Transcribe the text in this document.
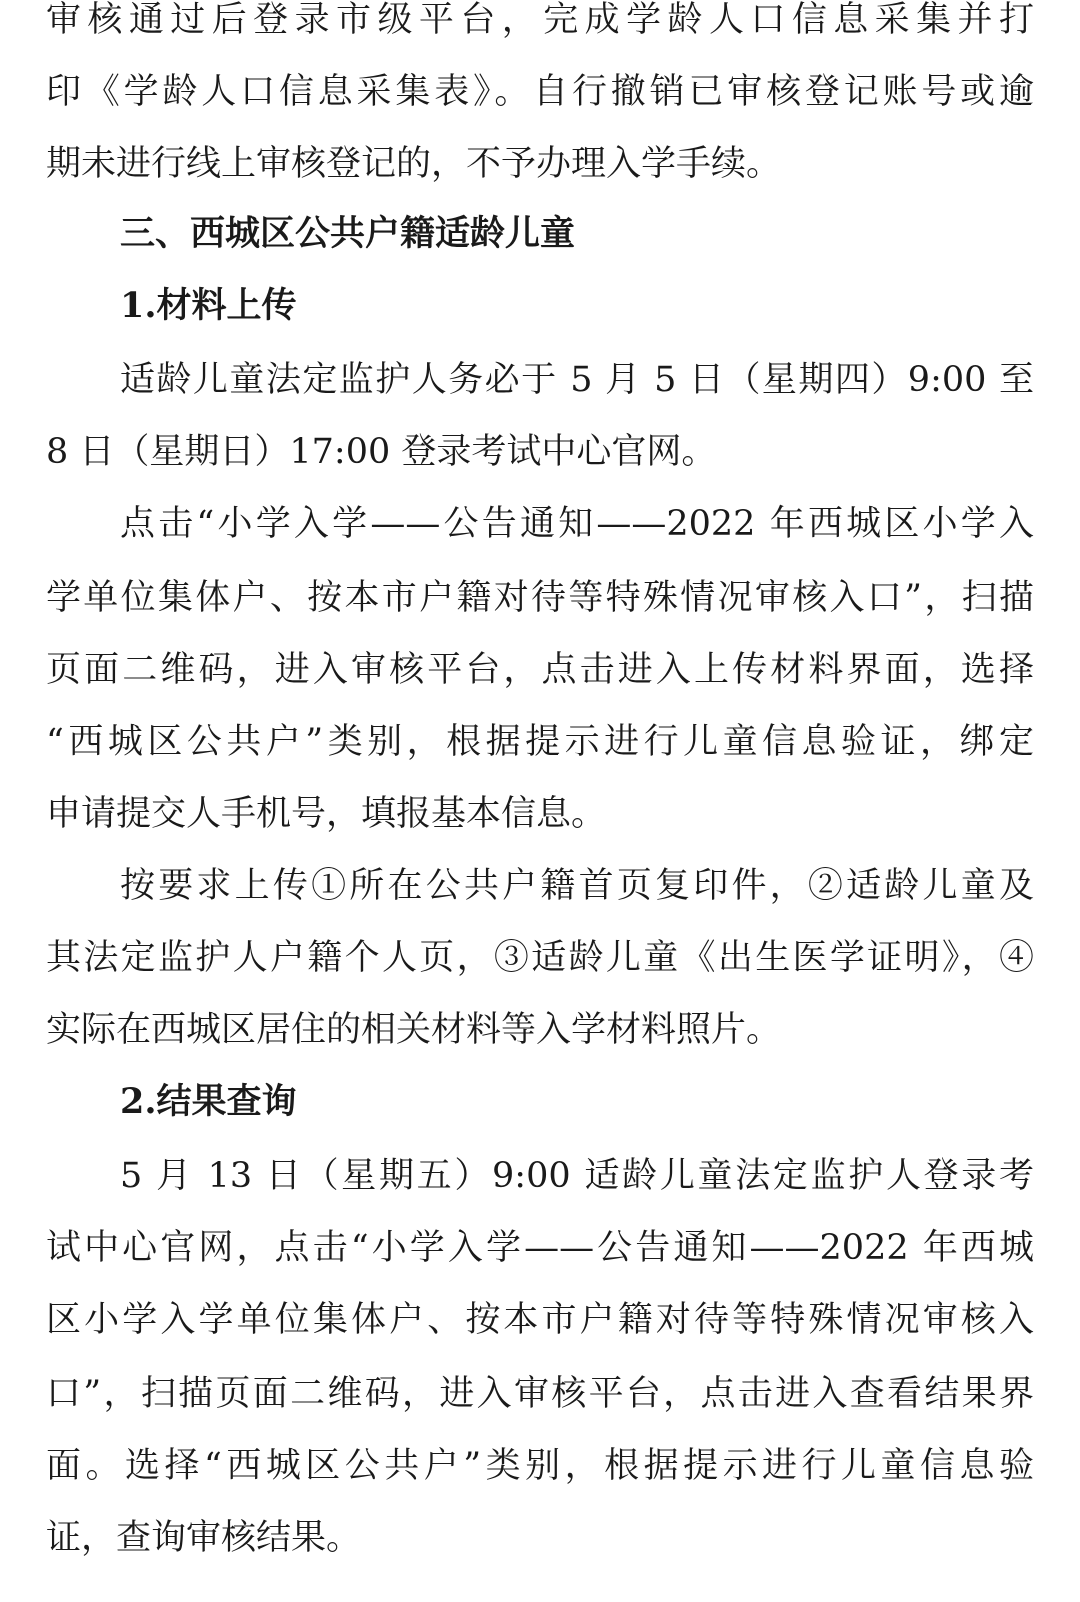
审核通过后登录市级平台，完成学龄人口信息采集并打
印《学龄人口信息采集表》。自行撤销已审核登记账号或逾
期未进行线上审核登记的，不予办理入学手续。
三、西城区公共户籍适龄儿童
1.材料上传
适龄儿童法定监护人务必于 5 月 5 日（星期四）9:00 至
8 日（星期日）17:00 登录考试中心官网。
点击“小学入学——公告通知——2022 年西城区小学入
学单位集体户、按本市户籍对待等特殊情况审核入口”，扫描
页面二维码，进入审核平台，点击进入上传材料界面，选择
“西城区公共户”类别，根据提示进行儿童信息验证，绑定
申请提交人手机号，填报基本信息。
按要求上传①所在公共户籍首页复印件，②适龄儿童及
其法定监护人户籍个人页，③适龄儿童《出生医学证明》，④
实际在西城区居住的相关材料等入学材料照片。
2.结果查询
5 月 13 日（星期五）9:00 适龄儿童法定监护人登录考
试中心官网，点击“小学入学——公告通知——2022 年西城
区小学入学单位集体户、按本市户籍对待等特殊情况审核入
口”，扫描页面二维码，进入审核平台，点击进入查看结果界
面。选择“西城区公共户”类别，根据提示进行儿童信息验
证，查询审核结果。
